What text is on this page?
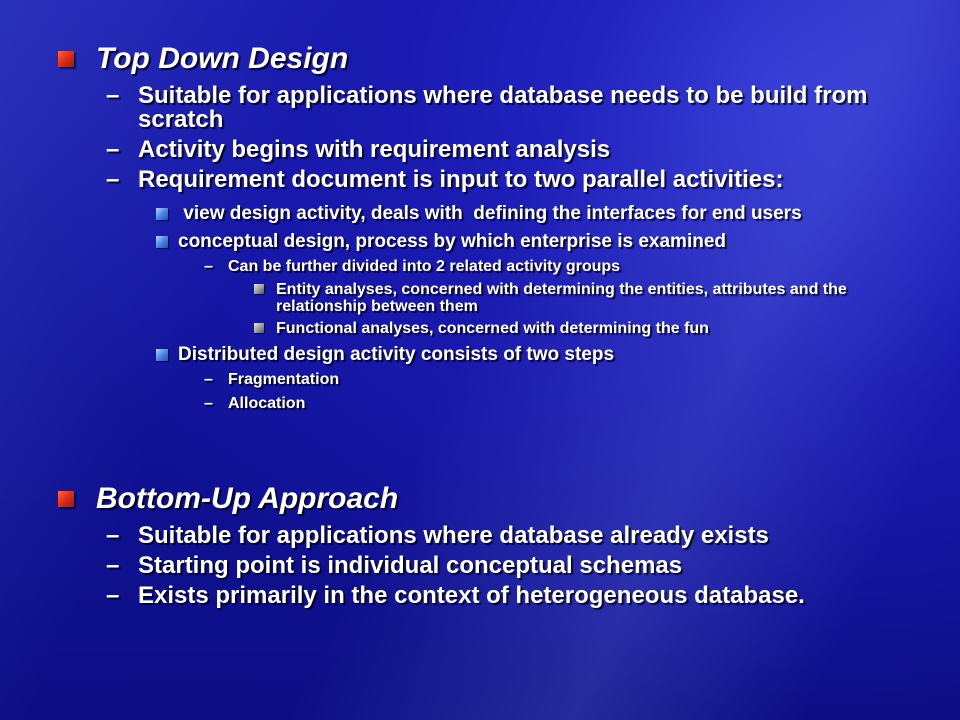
Top Down Design
– Suitable for applications where database needs to be build from scratch
– Activity begins with requirement analysis
– Requirement document is input to two parallel activities:
view design activity, deals with  defining the interfaces for end users
conceptual design, process by which enterprise is examined
– Can be further divided into 2 related activity groups
Entity analyses, concerned with determining the entities, attributes and the relationship between them
Functional analyses, concerned with determining the fun
Distributed design activity consists of two steps
– Fragmentation
– Allocation
Bottom-Up Approach
– Suitable for applications where database already exists
– Starting point is individual conceptual schemas
– Exists primarily in the context of heterogeneous database.
